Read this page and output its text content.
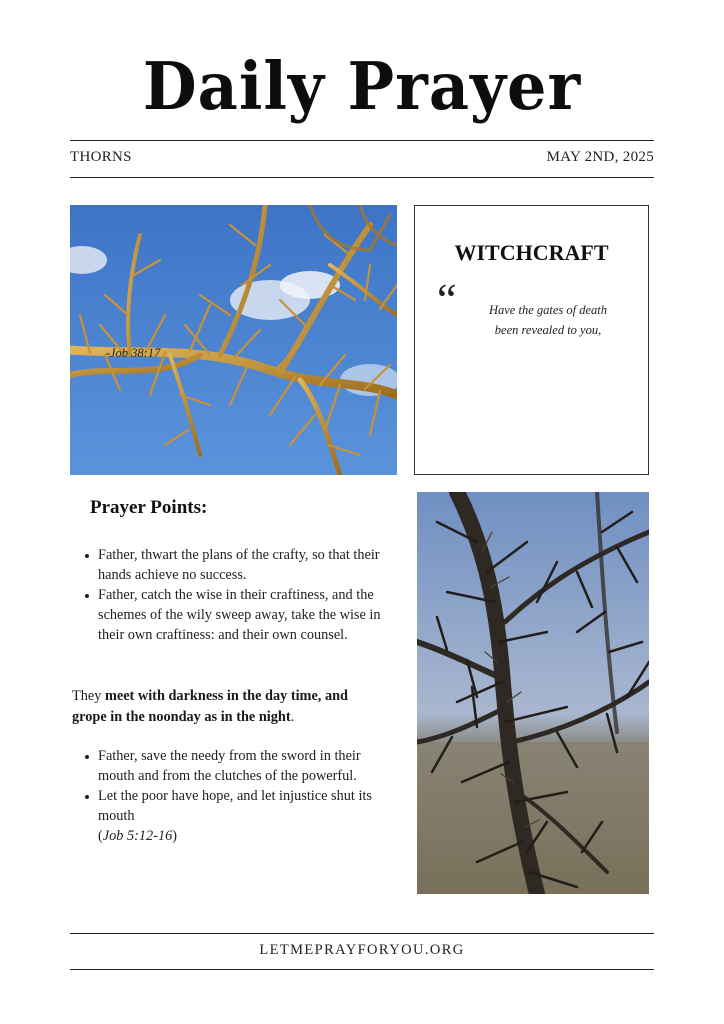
Daily Prayer
THORNS	MAY 2ND, 2025
WITCHCRAFT
“	Have the gates of death
been revealed to you,
-Job 38:17
Prayer Points:
Father, thwart the plans of the crafty, so that their hands achieve no success.
Father, catch the wise in their craftiness, and the schemes of the wily sweep away, take the wise in their own craftiness: and their own counsel.
They meet with darkness in the day time, and grope in the noonday as in the night.
Father, save the needy from the sword in their mouth and from the clutches of the powerful.
Let the poor have hope, and let injustice shut its mouth
(Job 5:12-16)
LETMEPRAYFORYOU.ORG
